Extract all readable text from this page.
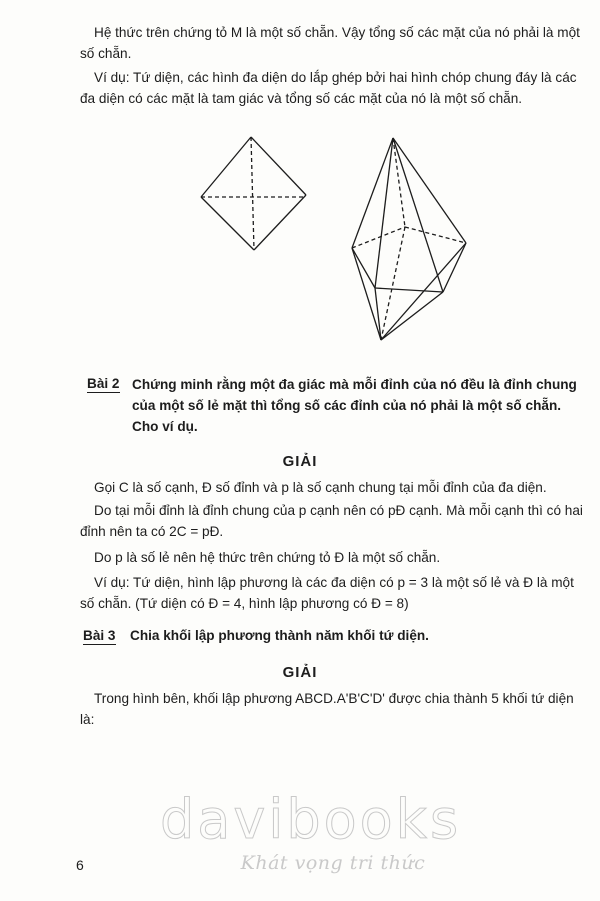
Hệ thức trên chứng tỏ M là một số chẵn. Vậy tổng số các mặt của nó phải là một số chẵn.

Ví dụ: Tứ diện, các hình đa diện do lắp ghép bởi hai hình chóp chung đáy là các đa diện có các mặt là tam giác và tổng số các mặt của nó là một số chẵn.

Bài 2 Chứng minh rằng một đa giác mà mỗi đỉnh của nó đều là đỉnh chung của một số lẻ mặt thì tổng số các đỉnh của nó phải là một số chẵn. Cho ví dụ.

GIẢI

Gọi C là số cạnh, Đ số đỉnh và p là số cạnh chung tại mỗi đỉnh của đa diện.

Do tại mỗi đỉnh là đỉnh chung của p cạnh nên có pĐ cạnh. Mà mỗi cạnh thì có hai đỉnh nên ta có 2C = pĐ.

Do p là số lẻ nên hệ thức trên chứng tỏ Đ là một số chẵn.

Ví dụ: Tứ diện, hình lập phương là các đa diện có p = 3 là một số lẻ và Đ là một số chẵn. (Tứ diện có Đ = 4, hình lập phương có Đ = 8)

Bài 3 Chia khối lập phương thành năm khối tứ diện.

GIẢI

Trong hình bên, khối lập phương ABCD.A'B'C'D' được chia thành 5 khối tứ diện là:

davibooks
Khát vọng tri thức
6
